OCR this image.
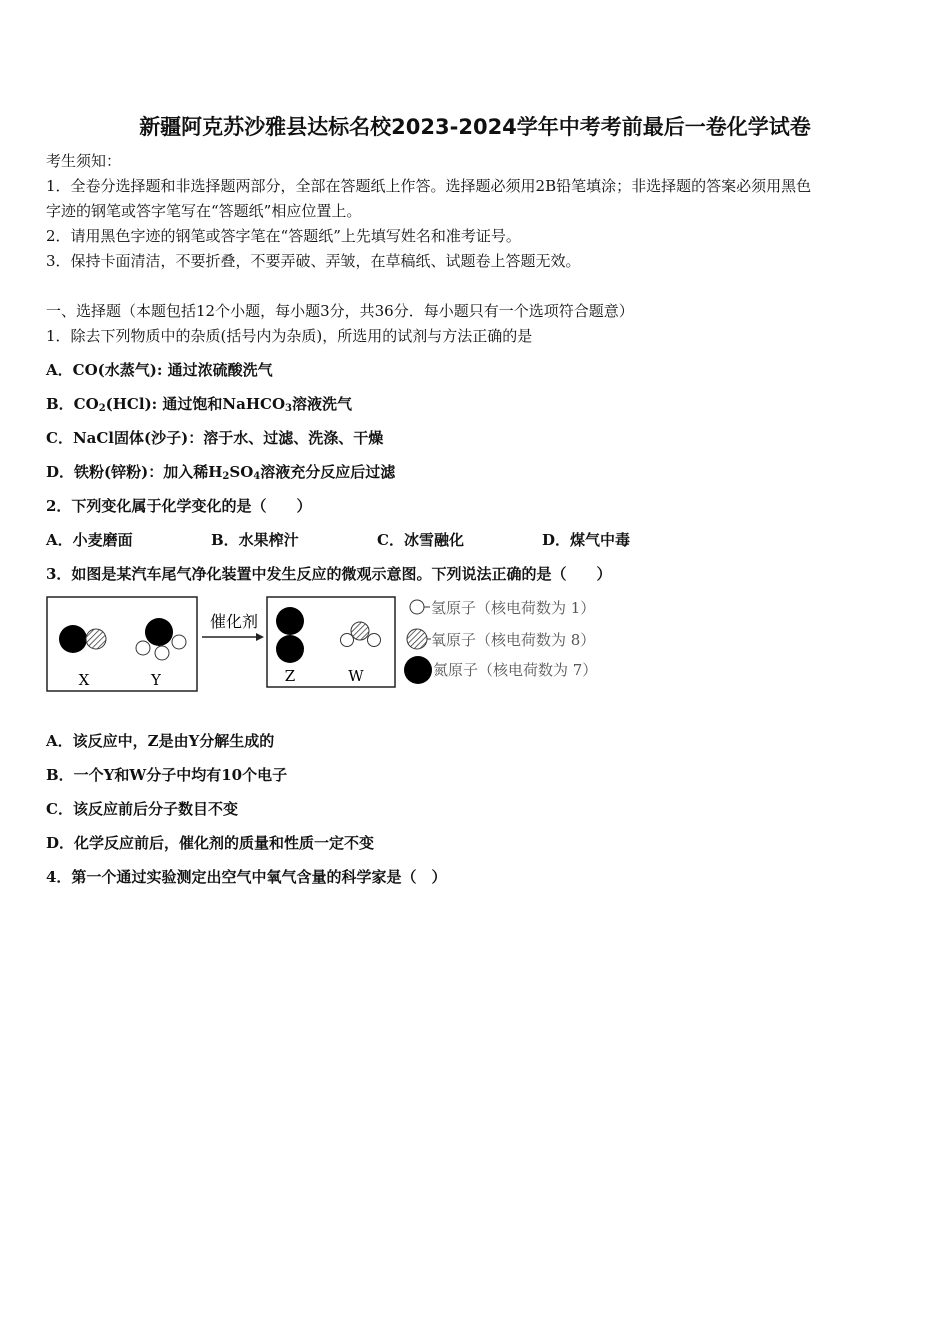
新疆阿克苏沙雅县达标名校2023-2024学年中考考前最后一卷化学试卷
考生须知：
1．全卷分选择题和非选择题两部分，全部在答题纸上作答。选择题必须用2B铅笔填涂；非选择题的答案必须用黑色
字迹的钢笔或答字笔写在“答题纸”相应位置上。
2．请用黑色字迹的钢笔或答字笔在“答题纸”上先填写姓名和准考证号。
3．保持卡面清洁，不要折叠，不要弄破、弄皱，在草稿纸、试题卷上答题无效。
一、选择题（本题包括12个小题，每小题3分，共36分．每小题只有一个选项符合题意）
1．除去下列物质中的杂质(括号内为杂质)，所选用的试剂与方法正确的是
A．CO(水蒸气): 通过浓硫酸洗气
B．$CO_2(HCl)$: 通过饱和NaHCO$_3$溶液洗气
C．NaCl固体(沙子)：溶于水、过滤、洗涤、干燥
D．铁粉(锌粉)：加入稀$H_2SO_4$溶液充分反应后过滤
2．下列变化属于化学变化的是（　　）
A．小麦磨面	B．水果榨汁	C．冰雪融化	D．煤气中毒
3．如图是某汽车尾气净化装置中发生反应的微观示意图。下列说法正确的是（　　）
X	Y
催化剂
Z	W
氢原子（核电荷数为 1）
氧原子（核电荷数为 8）
氮原子（核电荷数为 7）
A．该反应中，Z是由Y分解生成的
B．一个Y和W分子中均有10个电子
C．该反应前后分子数目不变
D．化学反应前后，催化剂的质量和性质一定不变
4．第一个通过实验测定出空气中氧气含量的科学家是（　）
